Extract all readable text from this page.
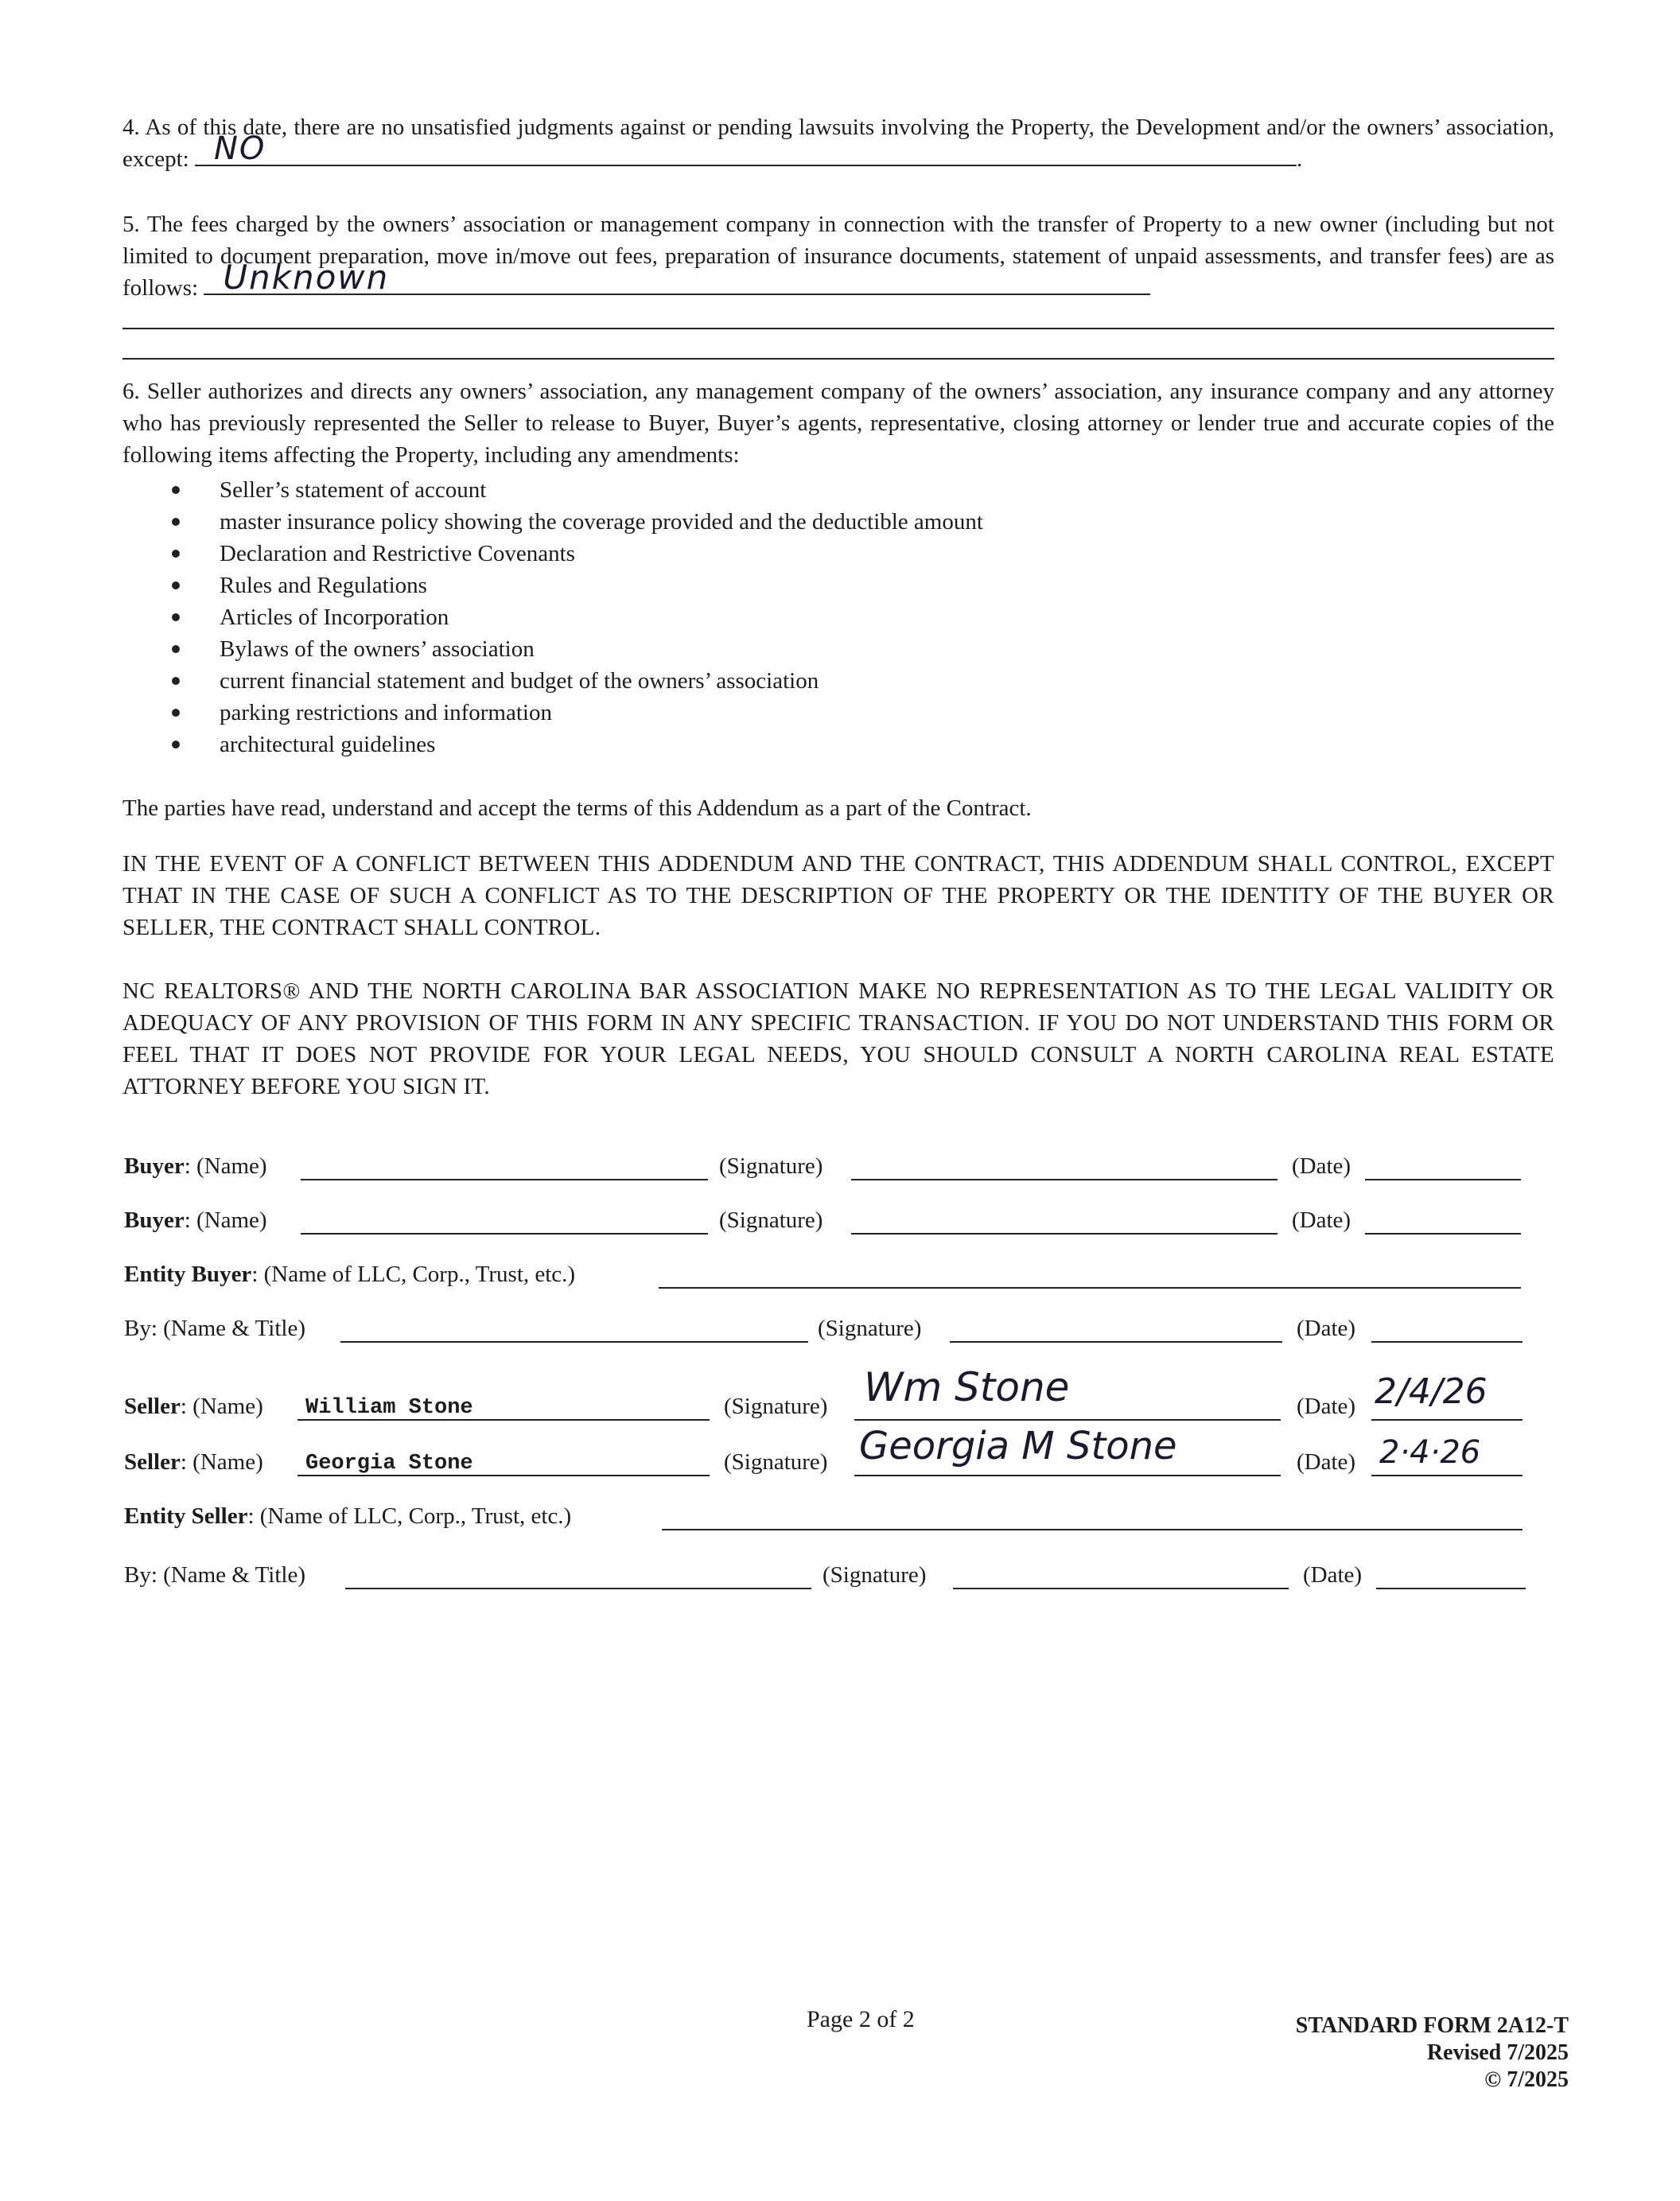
4. As of this date, there are no unsatisfied judgments against or pending lawsuits involving the Property, the Development and/or the owners’ association, except: NO	.
5. The fees charged by the owners’ association or management company in connection with the transfer of Property to a new owner (including but not limited to document preparation, move in/move out fees, preparation of insurance documents, statement of unpaid assessments, and transfer fees) are as follows: Unknown
6. Seller authorizes and directs any owners’ association, any management company of the owners’ association, any insurance company and any attorney who has previously represented the Seller to release to Buyer, Buyer’s agents, representative, closing attorney or lender true and accurate copies of the following items affecting the Property, including any amendments:
Seller’s statement of account
master insurance policy showing the coverage provided and the deductible amount
Declaration and Restrictive Covenants
Rules and Regulations
Articles of Incorporation
Bylaws of the owners’ association
current financial statement and budget of the owners’ association
parking restrictions and information
architectural guidelines
The parties have read, understand and accept the terms of this Addendum as a part of the Contract.
IN THE EVENT OF A CONFLICT BETWEEN THIS ADDENDUM AND THE CONTRACT, THIS ADDENDUM SHALL CONTROL, EXCEPT THAT IN THE CASE OF SUCH A CONFLICT AS TO THE DESCRIPTION OF THE PROPERTY OR THE IDENTITY OF THE BUYER OR SELLER, THE CONTRACT SHALL CONTROL.
NC REALTORS® AND THE NORTH CAROLINA BAR ASSOCIATION MAKE NO REPRESENTATION AS TO THE LEGAL VALIDITY OR ADEQUACY OF ANY PROVISION OF THIS FORM IN ANY SPECIFIC TRANSACTION. IF YOU DO NOT UNDERSTAND THIS FORM OR FEEL THAT IT DOES NOT PROVIDE FOR YOUR LEGAL NEEDS, YOU SHOULD CONSULT A NORTH CAROLINA REAL ESTATE ATTORNEY BEFORE YOU SIGN IT.
Buyer: (Name)	(Signature)	(Date)
Buyer: (Name)	(Signature)	(Date)
Entity Buyer: (Name of LLC, Corp., Trust, etc.)
By: (Name & Title)	(Signature)	(Date)
Seller: (Name) William Stone	(Signature) Wm Stone	(Date) 2/4/26
Seller: (Name) Georgia Stone	(Signature) Georgia M Stone	(Date) 2·4·26
Entity Seller: (Name of LLC, Corp., Trust, etc.)
By: (Name & Title)	(Signature)	(Date)
Page 2 of 2	STANDARD FORM 2A12-T
Revised 7/2025
© 7/2025
